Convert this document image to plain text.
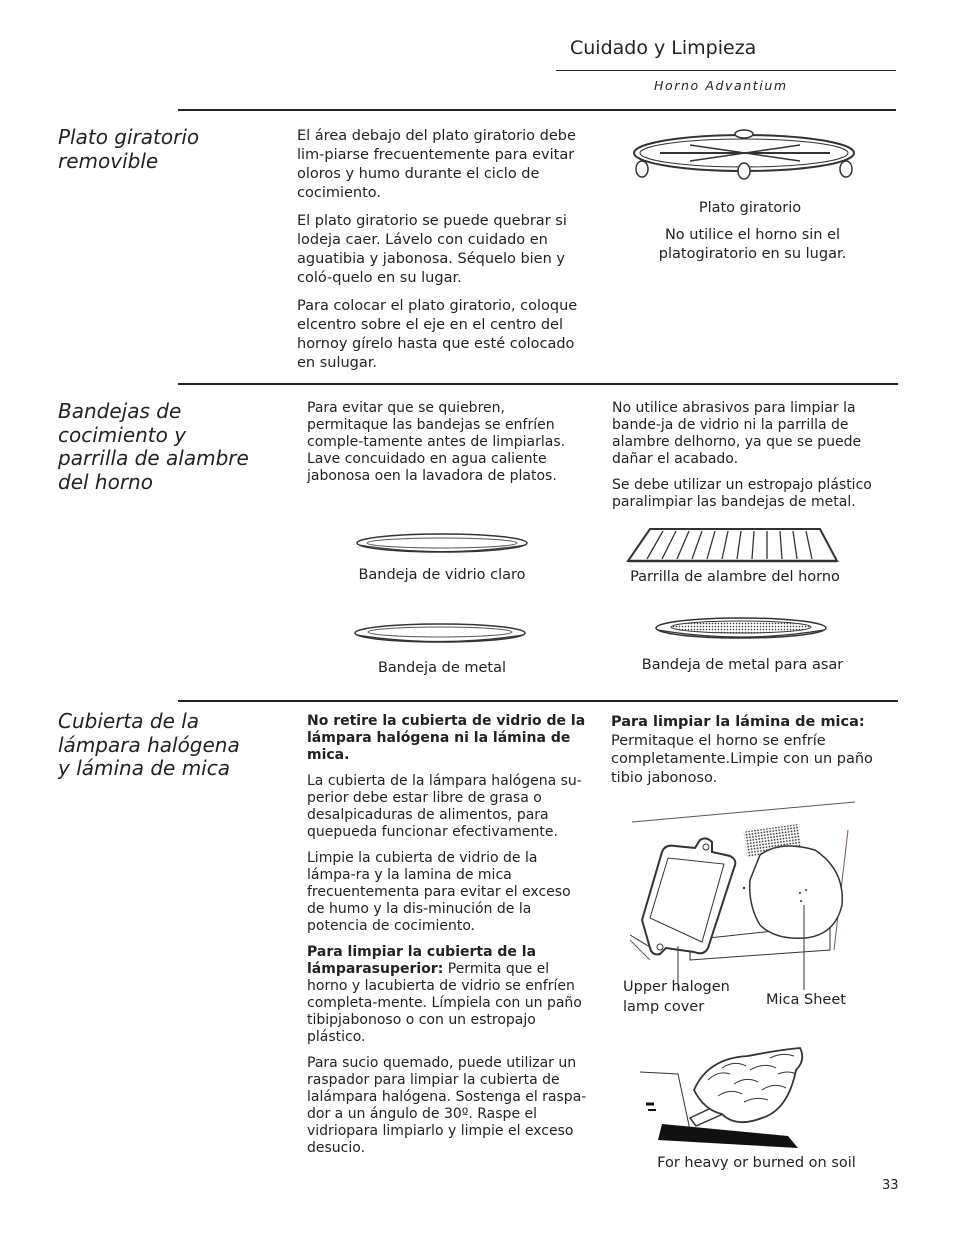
Cuidado y Limpieza
Horno Advantium
Plato giratorio
removible

El área debajo del plato giratorio debe lim-piarse frecuentemente para evitar oloros y humo durante el ciclo de cocimiento.

El plato giratorio se puede quebrar si lodeja caer. Lávelo con cuidado en aguatibia y jabonosa. Séquelo bien y coló-quelo en su lugar.

Para colocar el plato giratorio, coloque elcentro sobre el eje en el centro del hornoy gírelo hasta que esté colocado en sulugar.

Plato giratorio
No utilice el horno sin el platogiratorio en su lugar.
Bandejas de
cocimiento y
parrilla de alambre
del horno
Para evitar que se quiebren, permitaque las bandejas se enfríen comple-tamente antes de limpiarlas. Lave concuidado en agua caliente jabonosa oen la lavadora de platos.

No utilice abrasivos para limpiar la bande-ja de vidrio ni la parrilla de alambre delhorno, ya que se puede dañar el acabado.

Se debe utilizar un estropajo plástico paralimpiar las bandejas de metal.

Bandeja de vidrio claro	Parrilla de alambre del horno
Bandeja de metal	Bandeja de metal para asar
Cubierta de la
lámpara halógena
y lámina de mica

No retire la cubierta de vidrio de la lámpara halógena ni la lámina de mica.

La cubierta de la lámpara halógena su-perior debe estar libre de grasa o desalpicaduras de alimentos, para quepueda funcionar efectivamente.

Limpie la cubierta de vidrio de la lámpa-ra y la lamina de mica frecuentementa para evitar el exceso de humo y la dis-minución de la potencia de cocimiento.

Para limpiar la cubierta de la lámparasuperior: Permita que el horno y lacubierta de vidrio se enfríen completa-mente. Límpiela con un paño tibipjabonoso o con un estropajo plástico.

Para sucio quemado, puede utilizar un raspador para limpiar la cubierta de lalámpara halógena. Sostenga el raspa-dor a un ángulo de 30º. Raspe el vidriopara limpiarlo y limpie el exceso desucio.

Para limpiar la lámina de mica:
Permitaque el horno se enfríe completamente.Limpie con un paño tibio jabonoso.
Upper halogen
lamp cover	Mica Sheet
For heavy or burned on soil
33
